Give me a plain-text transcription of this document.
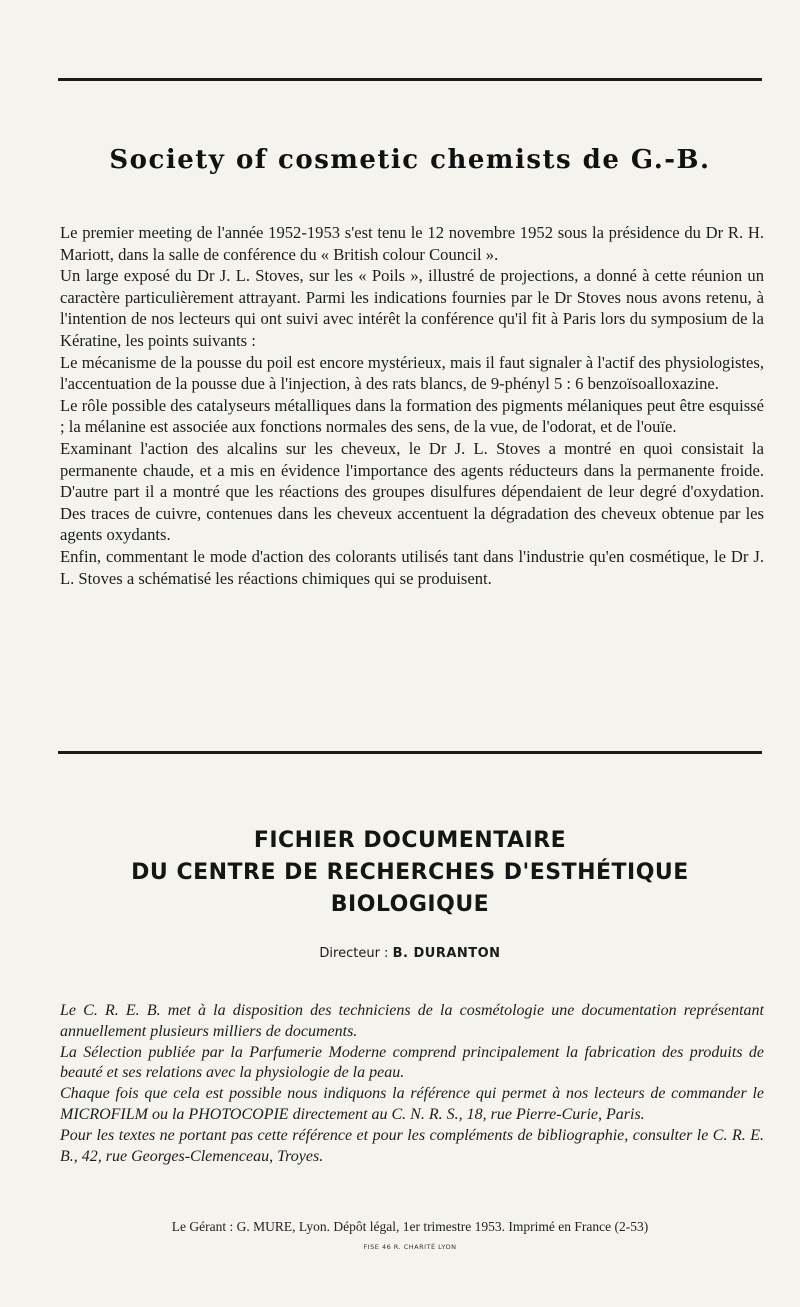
Society of cosmetic chemists de G.-B.

Le premier meeting de l'année 1952-1953 s'est tenu le 12 novembre 1952 sous la présidence du Dr R. H. Mariott, dans la salle de conférence du « British colour Council ».

Un large exposé du Dr J. L. Stoves, sur les « Poils », illustré de projections, a donné à cette réunion un caractère particulièrement attrayant. Parmi les indications fournies par le Dr Stoves nous avons retenu, à l'intention de nos lecteurs qui ont suivi avec intérêt la conférence qu'il fit à Paris lors du symposium de la Kératine, les points suivants :

Le mécanisme de la pousse du poil est encore mystérieux, mais il faut signaler à l'actif des physiologistes, l'accentuation de la pousse due à l'injection, à des rats blancs, de 9-phényl 5 : 6 benzoïsoalloxazine.

Le rôle possible des catalyseurs métalliques dans la formation des pigments mélaniques peut être esquissé ; la mélanine est associée aux fonctions normales des sens, de la vue, de l'odorat, et de l'ouïe.

Examinant l'action des alcalins sur les cheveux, le Dr J. L. Stoves a montré en quoi consistait la permanente chaude, et a mis en évidence l'importance des agents réducteurs dans la permanente froide. D'autre part il a montré que les réactions des groupes disulfures dépendaient de leur degré d'oxydation. Des traces de cuivre, contenues dans les cheveux accentuent la dégradation des cheveux obtenue par les agents oxydants.

Enfin, commentant le mode d'action des colorants utilisés tant dans l'industrie qu'en cosmétique, le Dr J. L. Stoves a schématisé les réactions chimiques qui se produisent.

FICHIER DOCUMENTAIRE
DU CENTRE DE RECHERCHES D'ESTHÉTIQUE
BIOLOGIQUE
Directeur : B. DURANTON

Le C. R. E. B. met à la disposition des techniciens de la cosmétologie une documentation représentant annuellement plusieurs milliers de documents.

La Sélection publiée par la Parfumerie Moderne comprend principalement la fabrication des produits de beauté et ses relations avec la physiologie de la peau.

Chaque fois que cela est possible nous indiquons la référence qui permet à nos lecteurs de commander le MICROFILM ou la PHOTOCOPIE directement au C. N. R. S., 18, rue Pierre-Curie, Paris.

Pour les textes ne portant pas cette référence et pour les compléments de bibliographie, consulter le C. R. E. B., 42, rue Georges-Clemenceau, Troyes.

Le Gérant : G. MURE, Lyon. Dépôt légal, 1er trimestre 1953. Imprimé en France (2-53)
FISE 46 R. CHARITÉ LYON
